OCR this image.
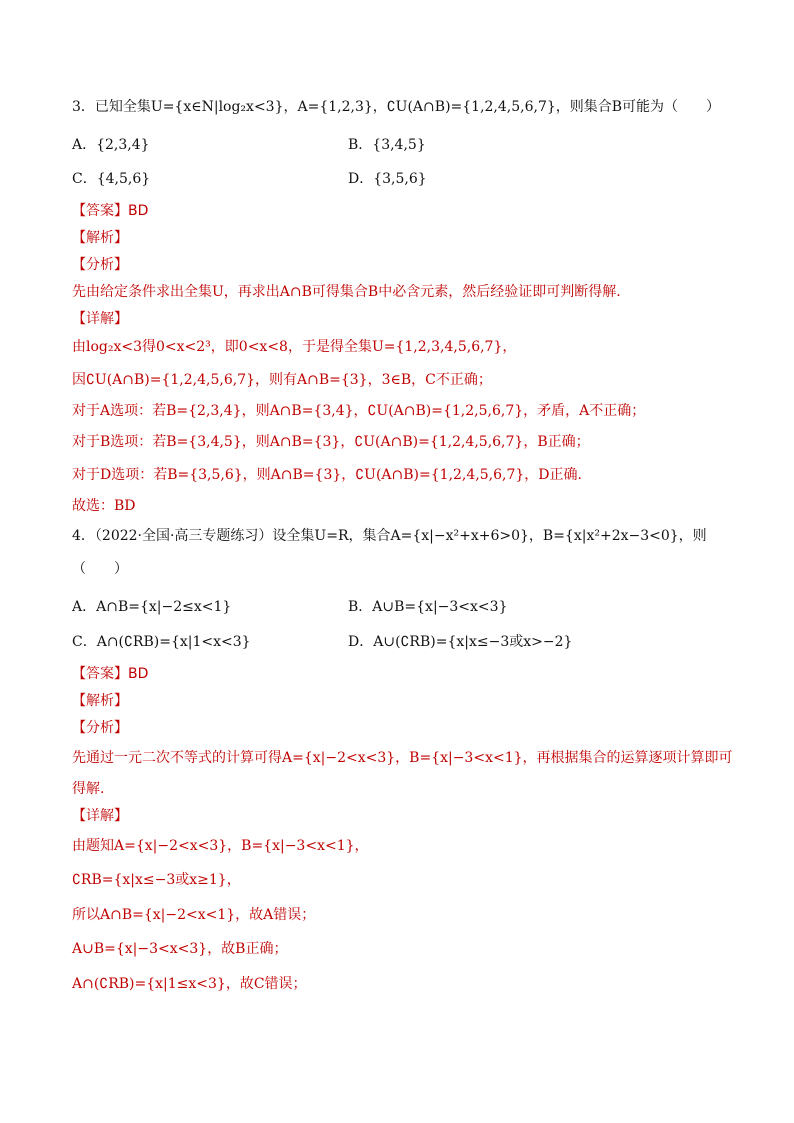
3．已知全集U={x∈N|log₂x<3}，A={1,2,3}，∁U(A∩B)={1,2,4,5,6,7}，则集合B可能为（　　）
A．{2,3,4}	B．{3,4,5}
C．{4,5,6}	D．{3,5,6}
【答案】BD
【解析】
【分析】
先由给定条件求出全集U，再求出A∩B可得集合B中必含元素，然后经验证即可判断得解.
【详解】
由log₂x<3得0<x<2³，即0<x<8，于是得全集U={1,2,3,4,5,6,7}，
因∁U(A∩B)={1,2,4,5,6,7}，则有A∩B={3}，3∈B，C不正确；
对于A选项：若B={2,3,4}，则A∩B={3,4}，∁U(A∩B)={1,2,5,6,7}，矛盾，A不正确；
对于B选项：若B={3,4,5}，则A∩B={3}，∁U(A∩B)={1,2,4,5,6,7}，B正确；
对于D选项：若B={3,5,6}，则A∩B={3}，∁U(A∩B)={1,2,4,5,6,7}，D正确.
故选：BD
4．（2022·全国·高三专题练习）设全集U=R，集合A={x|−x²+x+6>0}，B={x|x²+2x−3<0}，则
（　　）
A．A∩B={x|−2≤x<1}	B．A∪B={x|−3<x<3}
C．A∩(∁RB)={x|1<x<3}	D．A∪(∁RB)={x|x≤−3或x>−2}
【答案】BD
【解析】
【分析】
先通过一元二次不等式的计算可得A={x|−2<x<3}，B={x|−3<x<1}，再根据集合的运算逐项计算即可
得解.
【详解】
由题知A={x|−2<x<3}，B={x|−3<x<1}，
∁RB={x|x≤−3或x≥1}，
所以A∩B={x|−2<x<1}，故A错误；
A∪B={x|−3<x<3}，故B正确；
A∩(∁RB)={x|1≤x<3}，故C错误；
